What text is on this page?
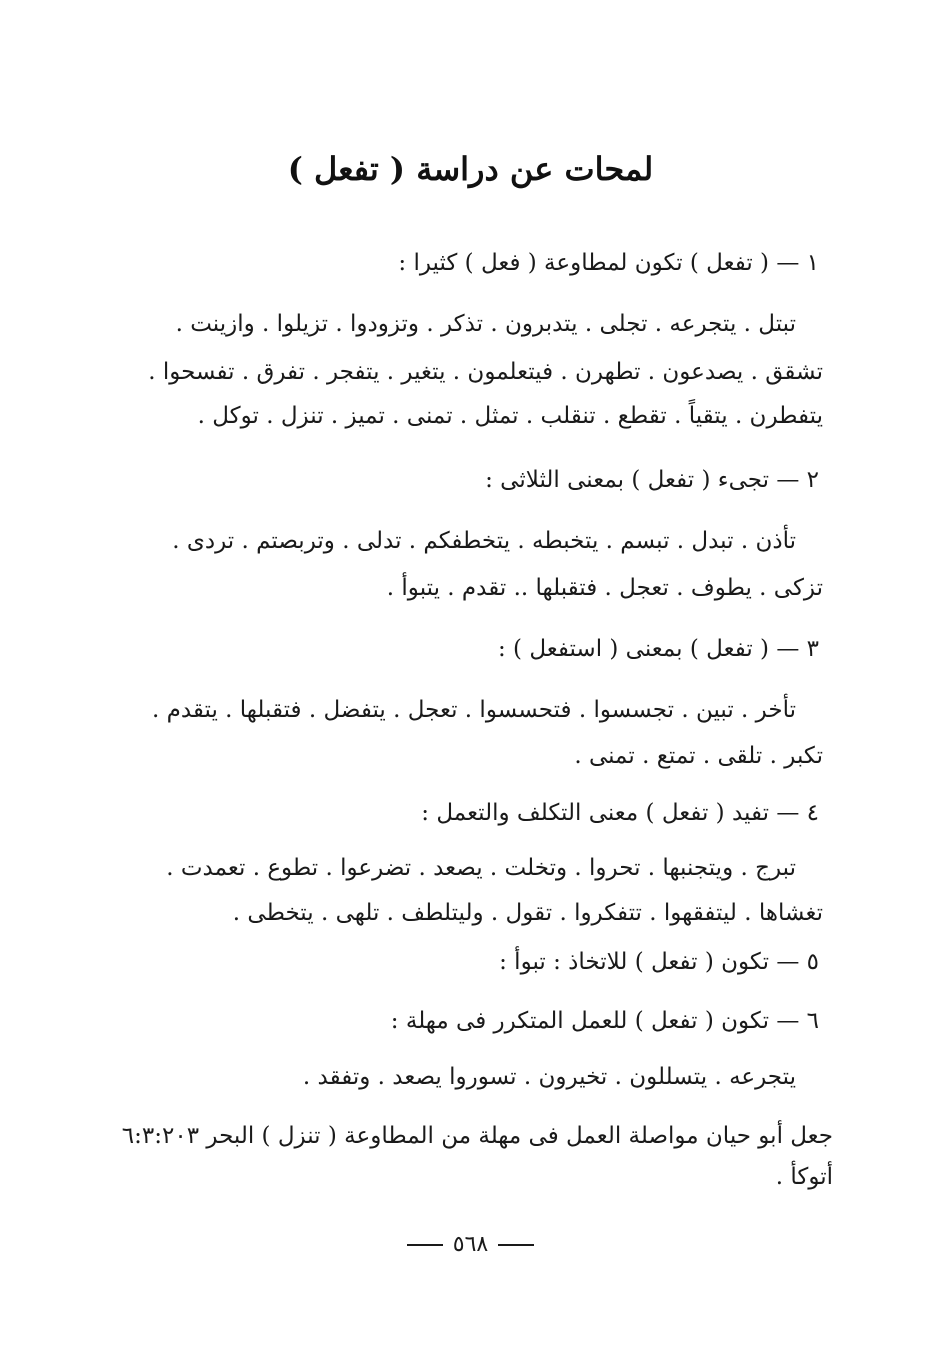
لمحات عن دراسة ( تفعل )
١ — ( تفعل ) تكون لمطاوعة ( فعل ) كثيرا :
تبتل . يتجرعه . تجلى . يتدبرون . تذكر . وتزودوا . تزيلوا . وازينت .
تشقق . يصدعون . تطهرن . فيتعلمون . يتغير . يتفجر . تفرق . تفسحوا .
يتفطرن . يتقياً . تقطع . تنقلب . تمثل . تمنى . تميز . تنزل . توكل .
٢ — تجىء ( تفعل ) بمعنى الثلاثى :
تأذن . تبدل . تبسم . يتخبطه . يتخطفكم . تدلى . وتربصتم . تردى .
تزكى . يطوف . تعجل . فتقبلها .. تقدم . يتبوأ .
٣ — ( تفعل ) بمعنى ( استفعل ) :
تأخر . تبين . تجسسوا . فتحسسوا . تعجل . يتفضل . فتقبلها . يتقدم .
تكبر . تلقى . تمتع . تمنى .
٤ — تفيد ( تفعل ) معنى التكلف والتعمل :
تبرج . ويتجنبها . تحروا . وتخلت . يصعد . تضرعوا . تطوع . تعمدت .
تغشاها . ليتفقهوا . تتفكروا . تقول . وليتلطف . تلهى . يتخطى .
٥ — تكون ( تفعل ) للاتخاذ : تبوأ :
٦ — تكون ( تفعل ) للعمل المتكرر فى مهلة :
يتجرعه . يتسللون . تخيرون . تسوروا يصعد . وتفقد .
جعل أبو حيان مواصلة العمل فى مهلة من المطاوعة ( تنزل ) البحر ٦:٣:٢٠٣
أتوكأ .
٥٦٨
